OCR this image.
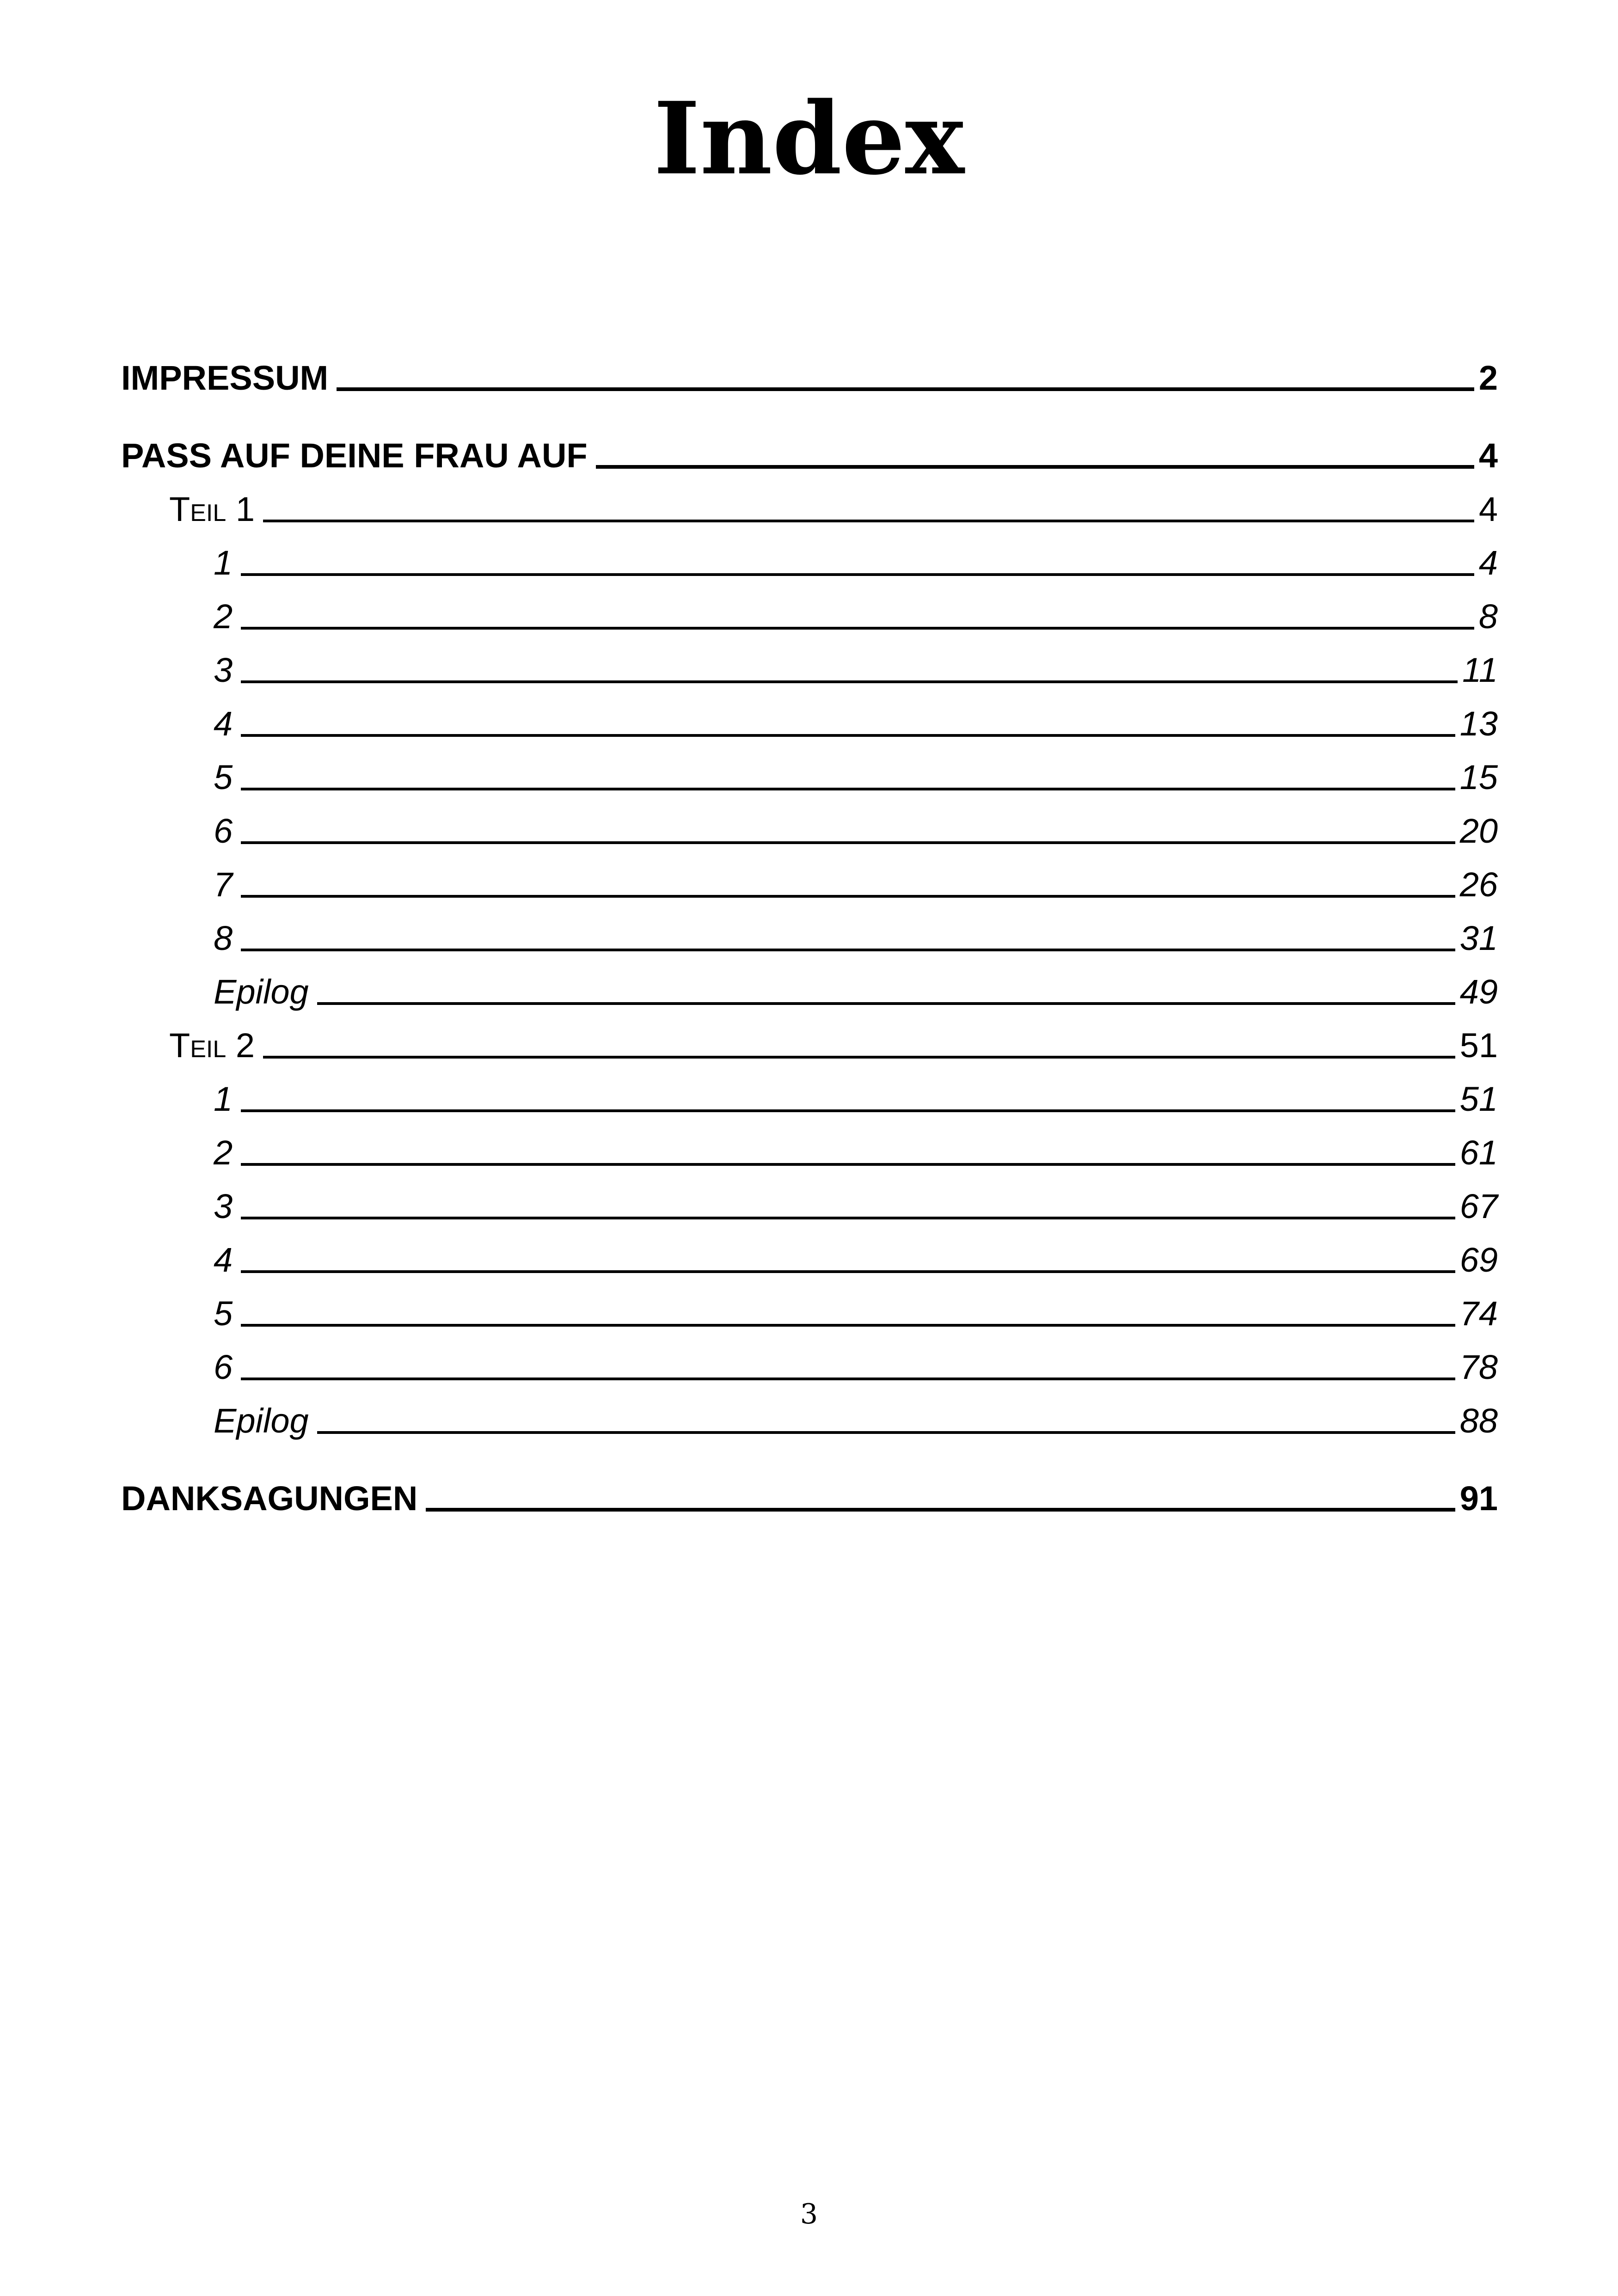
Index
IMPRESSUM	2
PASS AUF DEINE FRAU AUF	4
Teil 1	4
1	4
2	8
3	11
4	13
5	15
6	20
7	26
8	31
Epilog	49
Teil 2	51
1	51
2	61
3	67
4	69
5	74
6	78
Epilog	88
DANKSAGUNGEN	91
3
